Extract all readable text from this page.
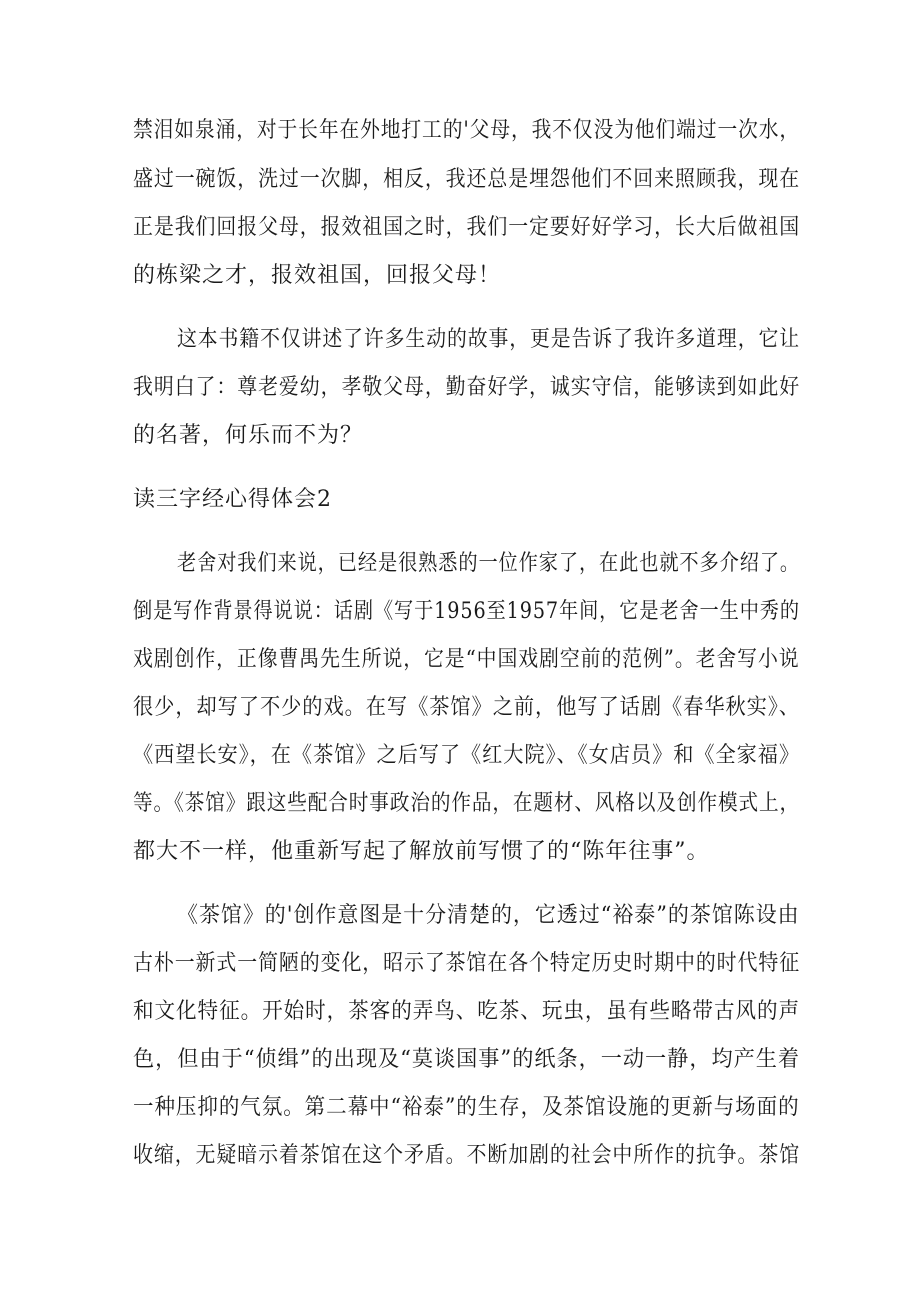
禁泪如泉涌，对于长年在外地打工的'父母，我不仅没为他们端过一次水，
盛过一碗饭，洗过一次脚，相反，我还总是埋怨他们不回来照顾我，现在
正是我们回报父母，报效祖国之时，我们一定要好好学习，长大后做祖国
的栋梁之才，报效祖国，回报父母！
这本书籍不仅讲述了许多生动的故事，更是告诉了我许多道理，它让
我明白了：尊老爱幼，孝敬父母，勤奋好学，诚实守信，能够读到如此好
的名著，何乐而不为？
读三字经心得体会2
老舍对我们来说，已经是很熟悉的一位作家了，在此也就不多介绍了。
倒是写作背景得说说：话剧《写于1956至1957年间，它是老舍一生中秀的
戏剧创作，正像曹禺先生所说，它是“中国戏剧空前的范例”。老舍写小说
很少，却写了不少的戏。在写《茶馆》之前，他写了话剧《春华秋实》、
《西望长安》，在《茶馆》之后写了《红大院》、《女店员》和《全家福》
等。《茶馆》跟这些配合时事政治的作品，在题材、风格以及创作模式上，
都大不一样，他重新写起了解放前写惯了的“陈年往事”。
《茶馆》的'创作意图是十分清楚的，它透过“裕泰”的茶馆陈设由
古朴一新式一简陋的变化，昭示了茶馆在各个特定历史时期中的时代特征
和文化特征。开始时，茶客的弄鸟、吃茶、玩虫，虽有些略带古风的声
色，但由于“侦缉”的出现及“莫谈国事”的纸条，一动一静，均产生着
一种压抑的气氛。第二幕中“裕泰”的生存，及茶馆设施的更新与场面的
收缩，无疑暗示着茶馆在这个矛盾。不断加剧的社会中所作的抗争。茶馆
